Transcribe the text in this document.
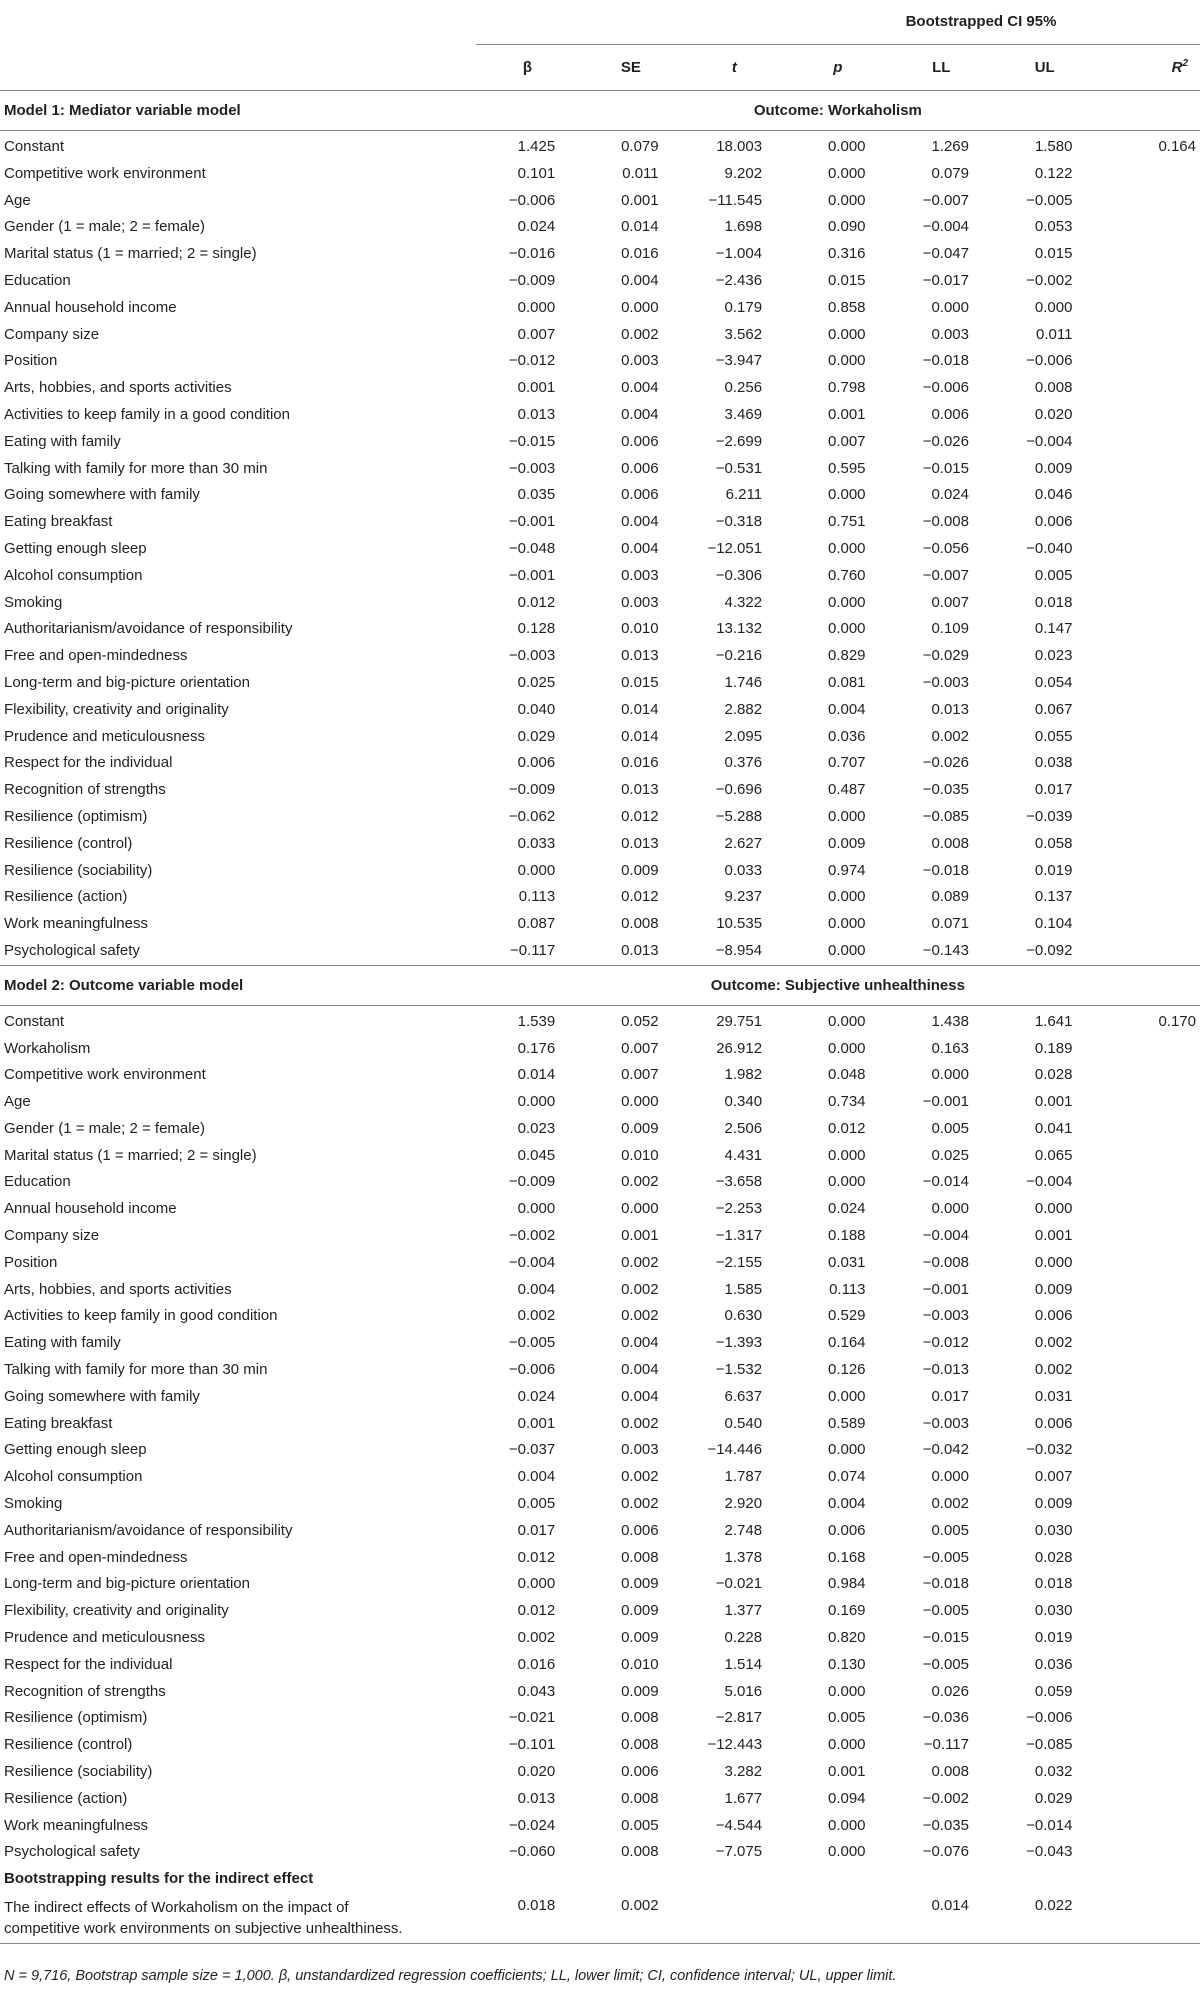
				Bootstrapped CI 95%			
	β	SE	t	p	LL	UL	$R^2$
Model 1: Mediator variable model	Outcome: Workaholism						

Constant	1.425	0.079	18.003	0.000	1.269	1.580	0.164
Competitive work environment	0.101	0.011	9.202	0.000	0.079	0.122	
Age	−0.006	0.001	−11.545	0.000	−0.007	−0.005	
Gender (1 = male; 2 = female)	0.024	0.014	1.698	0.090	−0.004	0.053	
Marital status (1 = married; 2 = single)	−0.016	0.016	−1.004	0.316	−0.047	0.015	
Education	−0.009	0.004	−2.436	0.015	−0.017	−0.002	
Annual household income	0.000	0.000	0.179	0.858	0.000	0.000	
Company size	0.007	0.002	3.562	0.000	0.003	0.011	
Position	−0.012	0.003	−3.947	0.000	−0.018	−0.006	
Arts, hobbies, and sports activities	0.001	0.004	0.256	0.798	−0.006	0.008	
Activities to keep family in a good condition	0.013	0.004	3.469	0.001	0.006	0.020	
Eating with family	−0.015	0.006	−2.699	0.007	−0.026	−0.004	
Talking with family for more than 30 min	−0.003	0.006	−0.531	0.595	−0.015	0.009	
Going somewhere with family	0.035	0.006	6.211	0.000	0.024	0.046	
Eating breakfast	−0.001	0.004	−0.318	0.751	−0.008	0.006	
Getting enough sleep	−0.048	0.004	−12.051	0.000	−0.056	−0.040	
Alcohol consumption	−0.001	0.003	−0.306	0.760	−0.007	0.005	
Smoking	0.012	0.003	4.322	0.000	0.007	0.018	
Authoritarianism/avoidance of responsibility	0.128	0.010	13.132	0.000	0.109	0.147	
Free and open-mindedness	−0.003	0.013	−0.216	0.829	−0.029	0.023	
Long-term and big-picture orientation	0.025	0.015	1.746	0.081	−0.003	0.054	
Flexibility, creativity and originality	0.040	0.014	2.882	0.004	0.013	0.067	
Prudence and meticulousness	0.029	0.014	2.095	0.036	0.002	0.055	
Respect for the individual	0.006	0.016	0.376	0.707	−0.026	0.038	
Recognition of strengths	−0.009	0.013	−0.696	0.487	−0.035	0.017	
Resilience (optimism)	−0.062	0.012	−5.288	0.000	−0.085	−0.039	
Resilience (control)	0.033	0.013	2.627	0.009	0.008	0.058	
Resilience (sociability)	0.000	0.009	0.033	0.974	−0.018	0.019	
Resilience (action)	0.113	0.012	9.237	0.000	0.089	0.137	
Work meaningfulness	0.087	0.008	10.535	0.000	0.071	0.104	
Psychological safety	−0.117	0.013	−8.954	0.000	−0.143	−0.092	
Model 2: Outcome variable model	Outcome: Subjective unhealthiness						

Constant	1.539	0.052	29.751	0.000	1.438	1.641	0.170
Workaholism	0.176	0.007	26.912	0.000	0.163	0.189	
Competitive work environment	0.014	0.007	1.982	0.048	0.000	0.028	
Age	0.000	0.000	0.340	0.734	−0.001	0.001	
Gender (1 = male; 2 = female)	0.023	0.009	2.506	0.012	0.005	0.041	
Marital status (1 = married; 2 = single)	0.045	0.010	4.431	0.000	0.025	0.065	
Education	−0.009	0.002	−3.658	0.000	−0.014	−0.004	
Annual household income	0.000	0.000	−2.253	0.024	0.000	0.000	
Company size	−0.002	0.001	−1.317	0.188	−0.004	0.001	
Position	−0.004	0.002	−2.155	0.031	−0.008	0.000	
Arts, hobbies, and sports activities	0.004	0.002	1.585	0.113	−0.001	0.009	
Activities to keep family in good condition	0.002	0.002	0.630	0.529	−0.003	0.006	
Eating with family	−0.005	0.004	−1.393	0.164	−0.012	0.002	
Talking with family for more than 30 min	−0.006	0.004	−1.532	0.126	−0.013	0.002	
Going somewhere with family	0.024	0.004	6.637	0.000	0.017	0.031	
Eating breakfast	0.001	0.002	0.540	0.589	−0.003	0.006	
Getting enough sleep	−0.037	0.003	−14.446	0.000	−0.042	−0.032	
Alcohol consumption	0.004	0.002	1.787	0.074	0.000	0.007	
Smoking	0.005	0.002	2.920	0.004	0.002	0.009	
Authoritarianism/avoidance of responsibility	0.017	0.006	2.748	0.006	0.005	0.030	
Free and open-mindedness	0.012	0.008	1.378	0.168	−0.005	0.028	
Long-term and big-picture orientation	0.000	0.009	−0.021	0.984	−0.018	0.018	
Flexibility, creativity and originality	0.012	0.009	1.377	0.169	−0.005	0.030	
Prudence and meticulousness	0.002	0.009	0.228	0.820	−0.015	0.019	
Respect for the individual	0.016	0.010	1.514	0.130	−0.005	0.036	
Recognition of strengths	0.043	0.009	5.016	0.000	0.026	0.059	
Resilience (optimism)	−0.021	0.008	−2.817	0.005	−0.036	−0.006	
Resilience (control)	−0.101	0.008	−12.443	0.000	−0.117	−0.085	
Resilience (sociability)	0.020	0.006	3.282	0.001	0.008	0.032	
Resilience (action)	0.013	0.008	1.677	0.094	−0.002	0.029	
Work meaningfulness	−0.024	0.005	−4.544	0.000	−0.035	−0.014	
Psychological safety	−0.060	0.008	−7.075	0.000	−0.076	−0.043	
Bootstrapping results for the indirect effect							
The indirect effects of Workaholism on the impact of
competitive work environments on subjective unhealthiness.	0.018	0.002			0.014	0.022	
N = 9,716, Bootstrap sample size = 1,000. β, unstandardized regression coefficients; LL, lower limit; CI, confidence interval; UL, upper limit.
